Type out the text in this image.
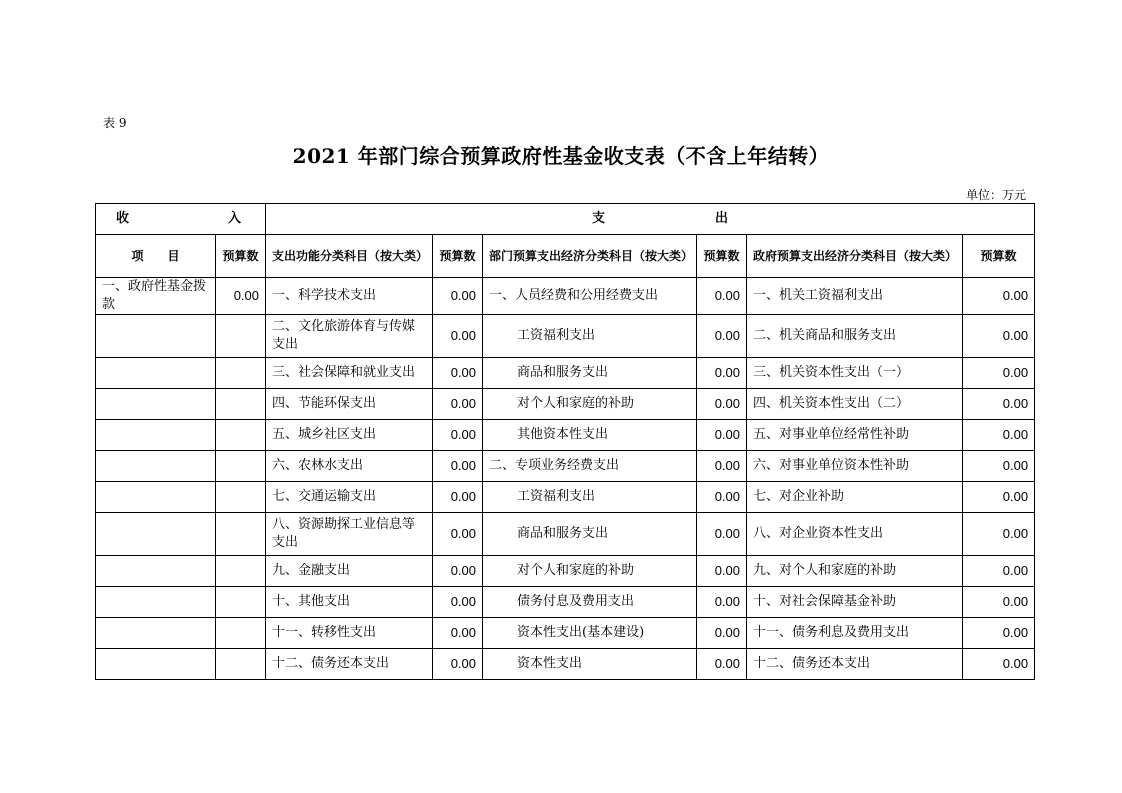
表 9
2021 年部门综合预算政府性基金收支表（不含上年结转）
单位：万元
收 入		支 出					

项　　目	预算数	支出功能分类科目（按大类）	预算数	部门预算支出经济分类科目（按大类）	预算数	政府预算支出经济分类科目（按大类）	预算数
一、政府性基金拨款	0.00	一、科学技术支出	0.00	一、人员经费和公用经费支出	0.00	一、机关工资福利支出	0.00
		二、文化旅游体育与传媒支出	0.00	工资福利支出	0.00	二、机关商品和服务支出	0.00
		三、社会保障和就业支出	0.00	商品和服务支出	0.00	三、机关资本性支出（一）	0.00
		四、节能环保支出	0.00	对个人和家庭的补助	0.00	四、机关资本性支出（二）	0.00
		五、城乡社区支出	0.00	其他资本性支出	0.00	五、对事业单位经常性补助	0.00
		六、农林水支出	0.00	二、专项业务经费支出	0.00	六、对事业单位资本性补助	0.00
		七、交通运输支出	0.00	工资福利支出	0.00	七、对企业补助	0.00
		八、资源勘探工业信息等支出	0.00	商品和服务支出	0.00	八、对企业资本性支出	0.00
		九、金融支出	0.00	对个人和家庭的补助	0.00	九、对个人和家庭的补助	0.00
		十、其他支出	0.00	债务付息及费用支出	0.00	十、对社会保障基金补助	0.00
		十一、转移性支出	0.00	资本性支出(基本建设)	0.00	十一、债务利息及费用支出	0.00
		十二、债务还本支出	0.00	资本性支出	0.00	十二、债务还本支出	0.00
